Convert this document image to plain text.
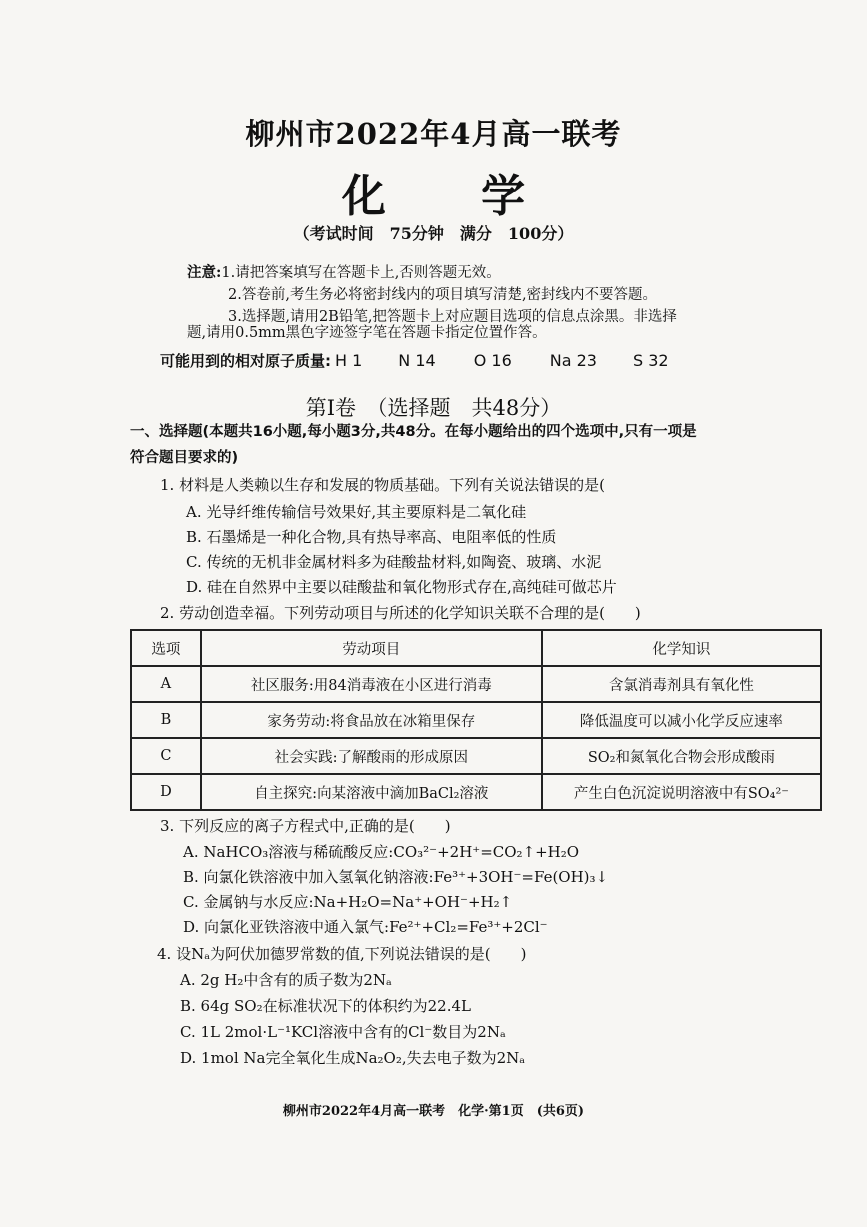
柳州市2022年4月高一联考
化 学
（考试时间　75分钟　满分　100分）
注意:1.请把答案填写在答题卡上,否则答题无效。
2.答卷前,考生务必将密封线内的项目填写清楚,密封线内不要答题。
3.选择题,请用2B铅笔,把答题卡上对应题目选项的信息点涂黑。非选择
题,请用0.5mm黑色字迹签字笔在答题卡指定位置作答。
可能用到的相对原子质量: H 1 N 14 O 16 Na 23 S 32
第Ⅰ卷　（选择题　共48分）
一、选择题(本题共16小题,每小题3分,共48分。在每小题给出的四个选项中,只有一项是
符合题目要求的)
1. 材料是人类赖以生存和发展的物质基础。下列有关说法错误的是(
A. 光导纤维传输信号效果好,其主要原料是二氧化硅
B. 石墨烯是一种化合物,具有热导率高、电阻率低的性质
C. 传统的无机非金属材料多为硅酸盐材料,如陶瓷、玻璃、水泥
D. 硅在自然界中主要以硅酸盐和氧化物形式存在,高纯硅可做芯片
2. 劳动创造幸福。下列劳动项目与所述的化学知识关联不合理的是(　　)
选项	劳动项目	化学知识
A	社区服务:用84消毒液在小区进行消毒	含氯消毒剂具有氧化性
B	家务劳动:将食品放在冰箱里保存	降低温度可以减小化学反应速率
C	社会实践:了解酸雨的形成原因	SO₂和氮氧化合物会形成酸雨
D	自主探究:向某溶液中滴加BaCl₂溶液	产生白色沉淀说明溶液中有SO₄²⁻
3. 下列反应的离子方程式中,正确的是(　　)
A. NaHCO₃溶液与稀硫酸反应:CO₃²⁻+2H⁺=CO₂↑+H₂O
B. 向氯化铁溶液中加入氢氧化钠溶液:Fe³⁺+3OH⁻=Fe(OH)₃↓
C. 金属钠与水反应:Na+H₂O=Na⁺+OH⁻+H₂↑
D. 向氯化亚铁溶液中通入氯气:Fe²⁺+Cl₂=Fe³⁺+2Cl⁻
4. 设Nₐ为阿伏加德罗常数的值,下列说法错误的是(　　)
A. 2g H₂中含有的质子数为2Nₐ
B. 64g SO₂在标准状况下的体积约为22.4L
C. 1L 2mol·L⁻¹KCl溶液中含有的Cl⁻数目为2Nₐ
D. 1mol Na完全氧化生成Na₂O₂,失去电子数为2Nₐ
柳州市2022年4月高一联考　化学·第1页　(共6页)
